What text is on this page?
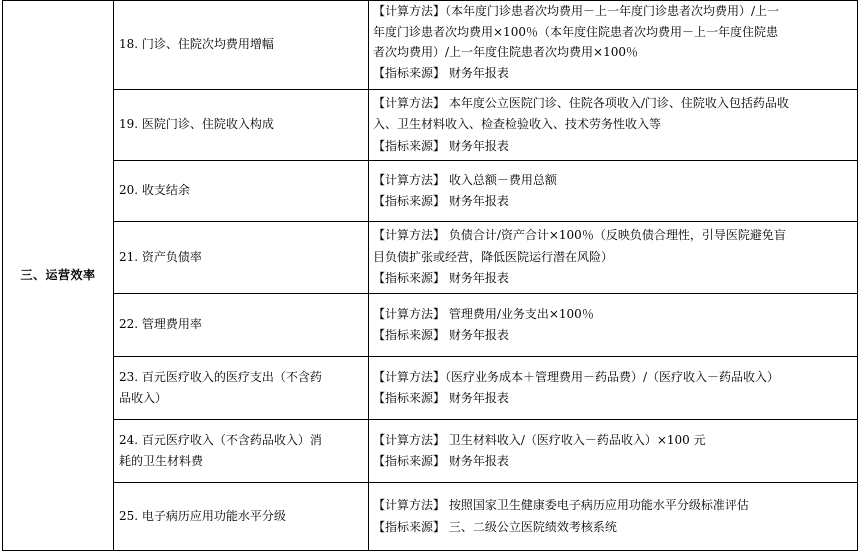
三、运营效率	18. 门诊、住院次均费用增幅	【计算方法】（本年度门诊患者次均费用－上一年度门诊患者次均费用）/上一
年度门诊患者次均费用×100％（本年度住院患者次均费用－上一年度住院患
者次均费用）/上一年度住院患者次均费用×100％
【指标来源】 财务年报表

	19. 医院门诊、住院收入构成	【计算方法】 本年度公立医院门诊、住院各项收入/门诊、住院收入包括药品收
入、卫生材料收入、检查检验收入、技术劳务性收入等
【指标来源】 财务年报表

	20. 收支结余	【计算方法】 收入总额－费用总额
【指标来源】 财务年报表

	21. 资产负债率	【计算方法】 负债合计/资产合计×100％（反映负债合理性，引导医院避免盲
目负债扩张或经营，降低医院运行潜在风险）
【指标来源】 财务年报表

	22. 管理费用率	【计算方法】 管理费用/业务支出×100％
【指标来源】 财务年报表

	23. 百元医疗收入的医疗支出（不含药
品收入）	【计算方法】（医疗业务成本＋管理费用－药品费）/（医疗收入－药品收入）
【指标来源】 财务年报表

	24. 百元医疗收入（不含药品收入）消
耗的卫生材料费	【计算方法】 卫生材料收入/（医疗收入－药品收入）×100 元
【指标来源】 财务年报表

	25. 电子病历应用功能水平分级	【计算方法】 按照国家卫生健康委电子病历应用功能水平分级标准评估
【指标来源】 三、二级公立医院绩效考核系统
